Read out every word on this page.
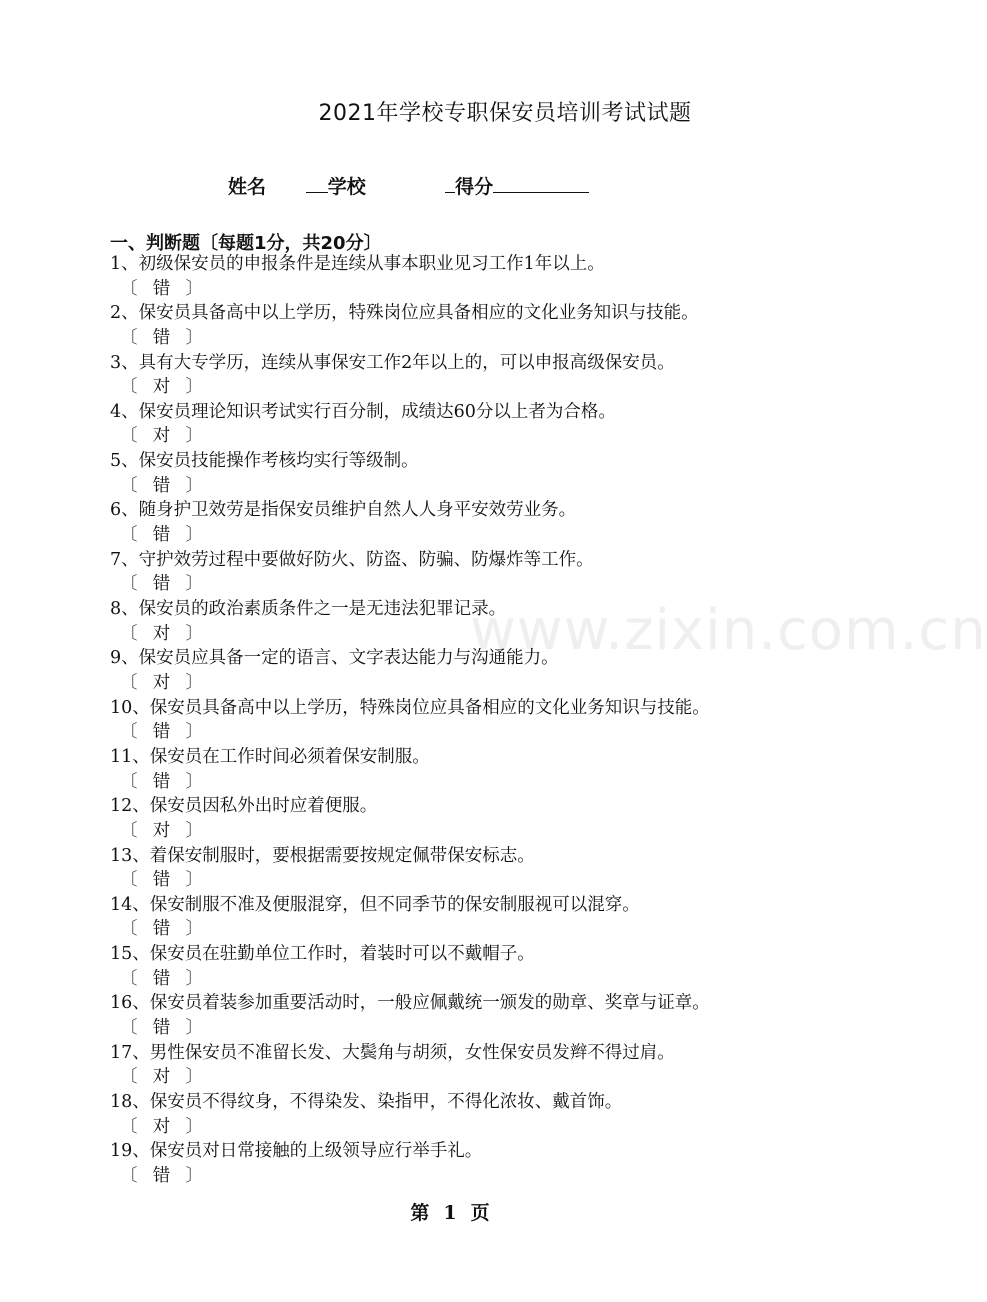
www.zixin.com.cn
2021年学校专职保安员培训考试试题
姓名	学校	得分
一、判断题〔每题1分，共20分〕
1、初级保安员的申报条件是连续从事本职业见习工作1年以上。
〔 错 〕
2、保安员具备高中以上学历，特殊岗位应具备相应的文化业务知识与技能。
〔 错 〕
3、具有大专学历，连续从事保安工作2年以上的，可以申报高级保安员。
〔 对 〕
4、保安员理论知识考试实行百分制，成绩达60分以上者为合格。
〔 对 〕
5、保安员技能操作考核均实行等级制。
〔 错 〕
6、随身护卫效劳是指保安员维护自然人人身平安效劳业务。
〔 错 〕
7、守护效劳过程中要做好防火、防盗、防骗、防爆炸等工作。
〔 错 〕
8、保安员的政治素质条件之一是无违法犯罪记录。
〔 对 〕
9、保安员应具备一定的语言、文字表达能力与沟通能力。
〔 对 〕
10、保安员具备高中以上学历，特殊岗位应具备相应的文化业务知识与技能。
〔 错 〕
11、保安员在工作时间必须着保安制服。
〔 错 〕
12、保安员因私外出时应着便服。
〔 对 〕
13、着保安制服时，要根据需要按规定佩带保安标志。
〔 错 〕
14、保安制服不准及便服混穿，但不同季节的保安制服视可以混穿。
〔 错 〕
15、保安员在驻勤单位工作时，着装时可以不戴帽子。
〔 错 〕
16、保安员着装参加重要活动时，一般应佩戴统一颁发的勋章、奖章与证章。
〔 错 〕
17、男性保安员不准留长发、大鬓角与胡须，女性保安员发辫不得过肩。
〔 对 〕
18、保安员不得纹身，不得染发、染指甲，不得化浓妆、戴首饰。
〔 对 〕
19、保安员对日常接触的上级领导应行举手礼。
〔 错 〕
第 1 页
